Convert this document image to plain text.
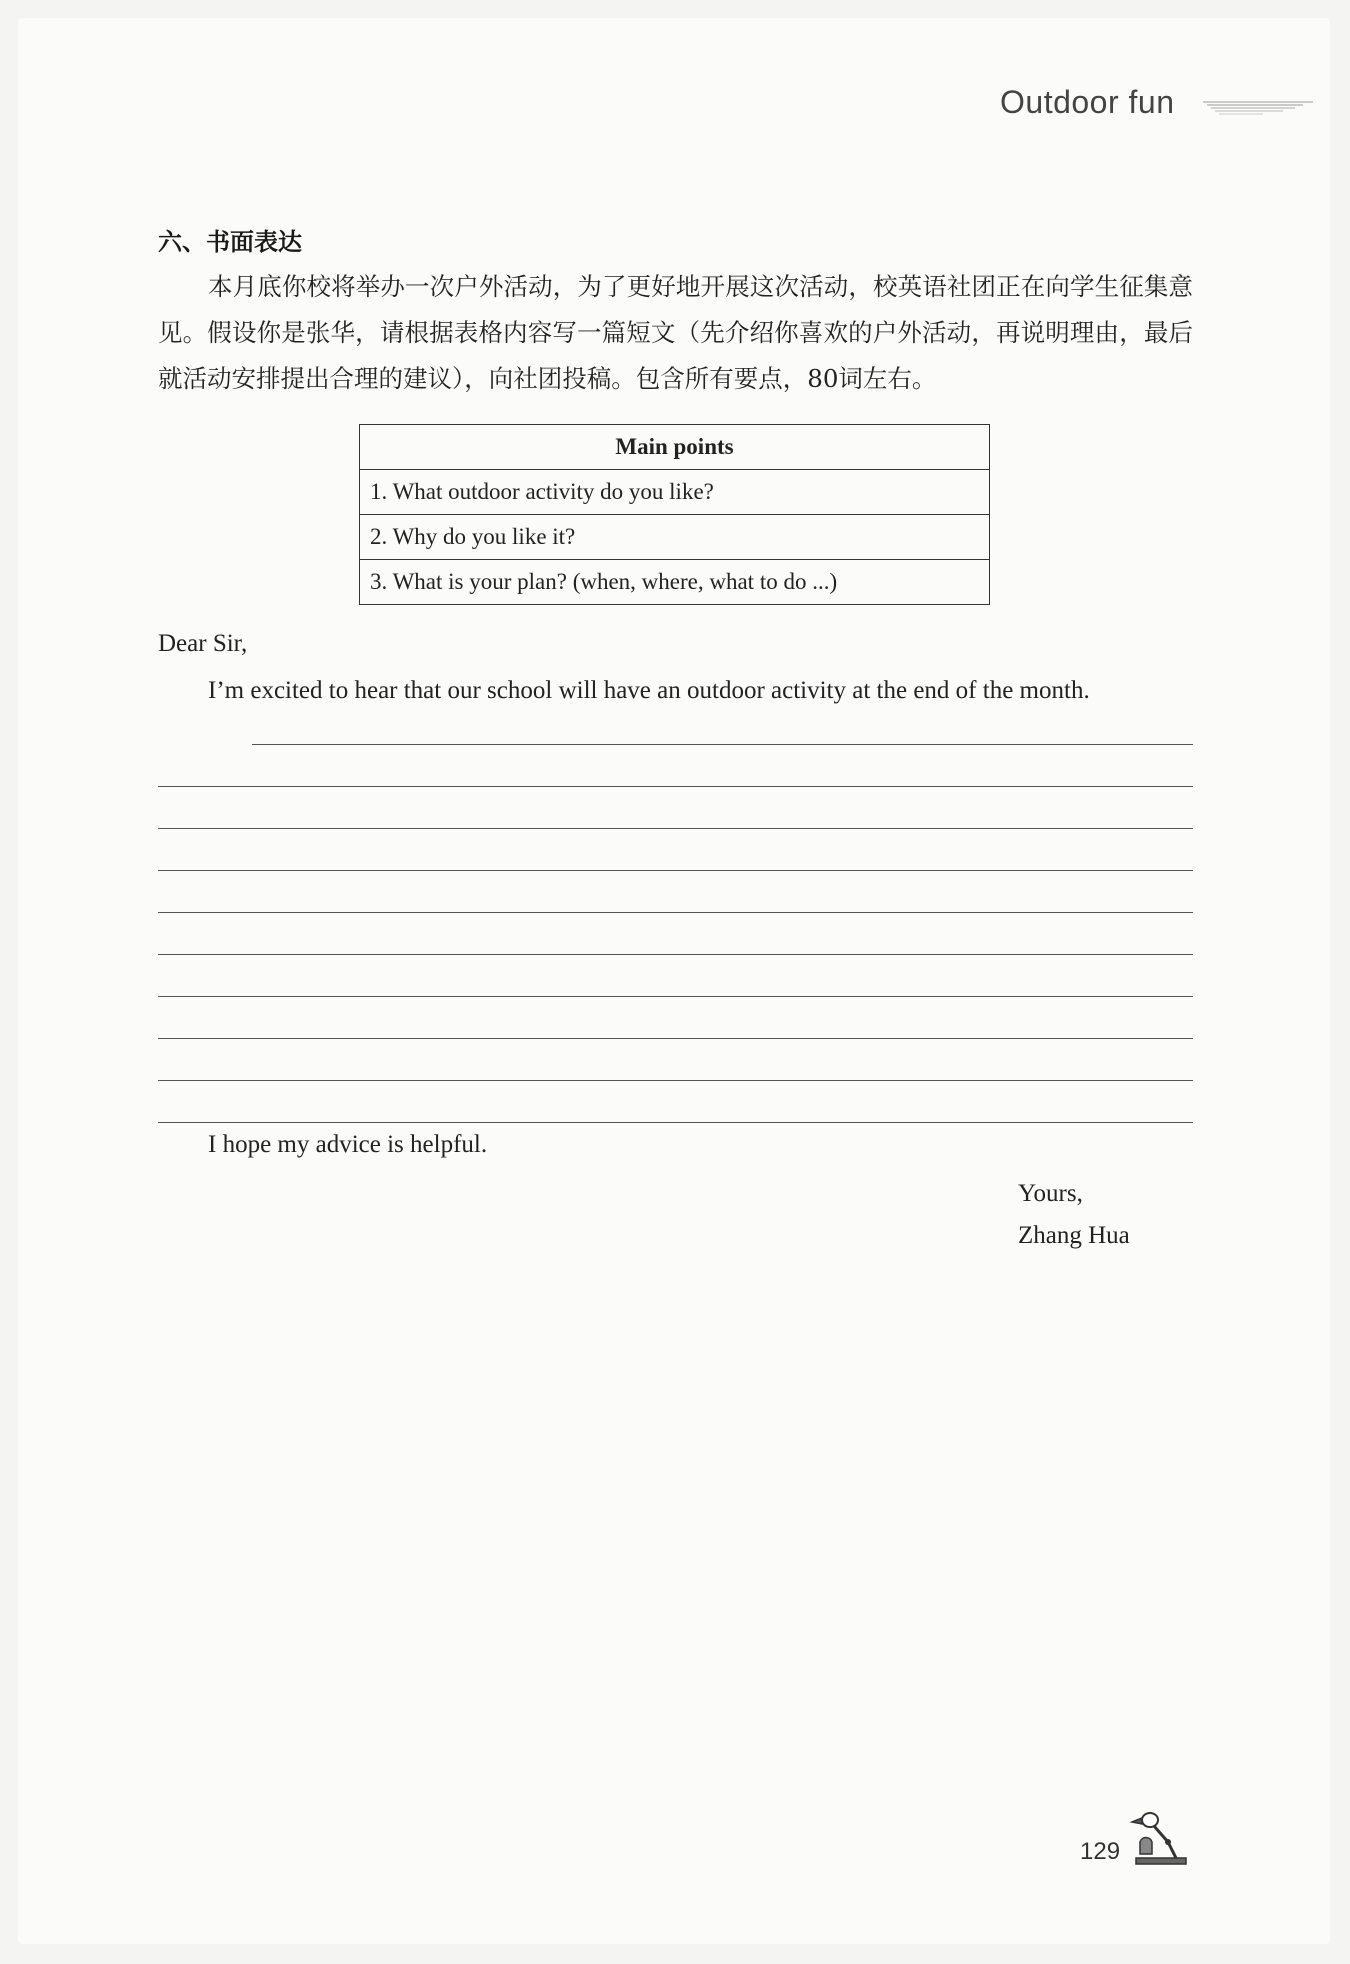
Outdoor fun
六、书面表达
本月底你校将举办一次户外活动，为了更好地开展这次活动，校英语社团正在向学生征集意见。假设你是张华，请根据表格内容写一篇短文（先介绍你喜欢的户外活动，再说明理由，最后就活动安排提出合理的建议），向社团投稿。包含所有要点，80词左右。
Main points
1. What outdoor activity do you like?
2. Why do you like it?
3. What is your plan? (when, where, what to do ...)
Dear Sir,
I’m excited to hear that our school will have an outdoor activity at the end of the month.
I hope my advice is helpful.
Yours,
Zhang Hua
129
